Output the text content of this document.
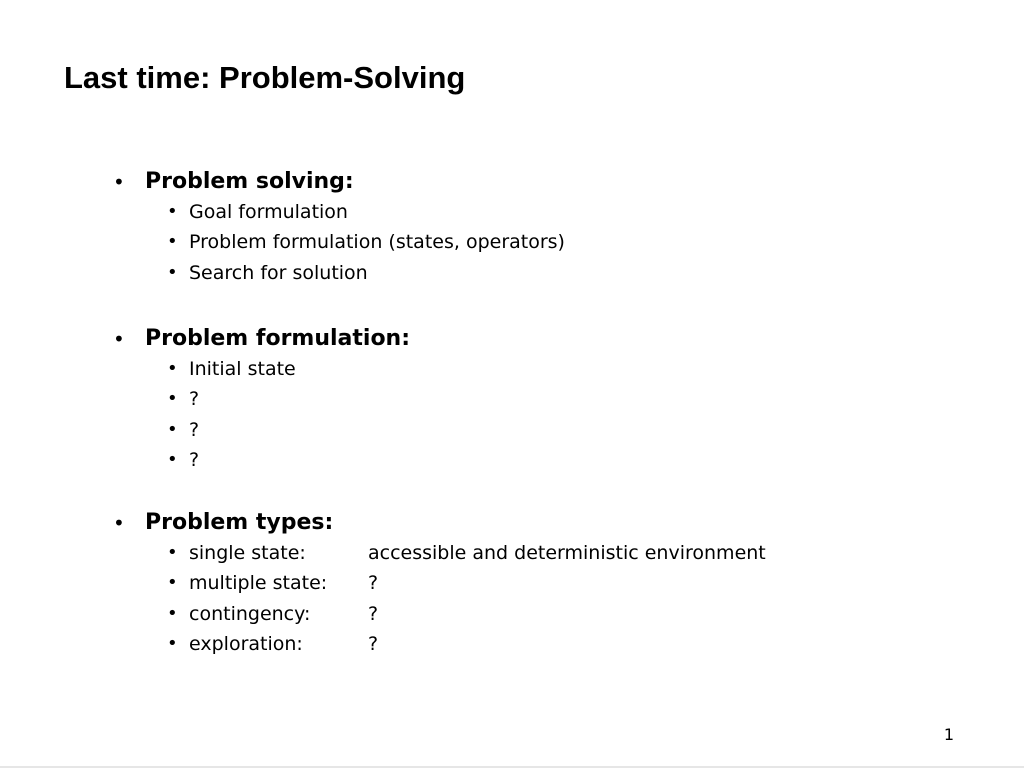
Last time: Problem-Solving
• Problem solving:
• Goal formulation
• Problem formulation (states, operators)
• Search for solution
• Problem formulation:
• Initial state
• ?
• ?
• ?
• Problem types:
• single state:	accessible and deterministic environment
• multiple state: ?
• contingency:	?
• exploration:	?
1
